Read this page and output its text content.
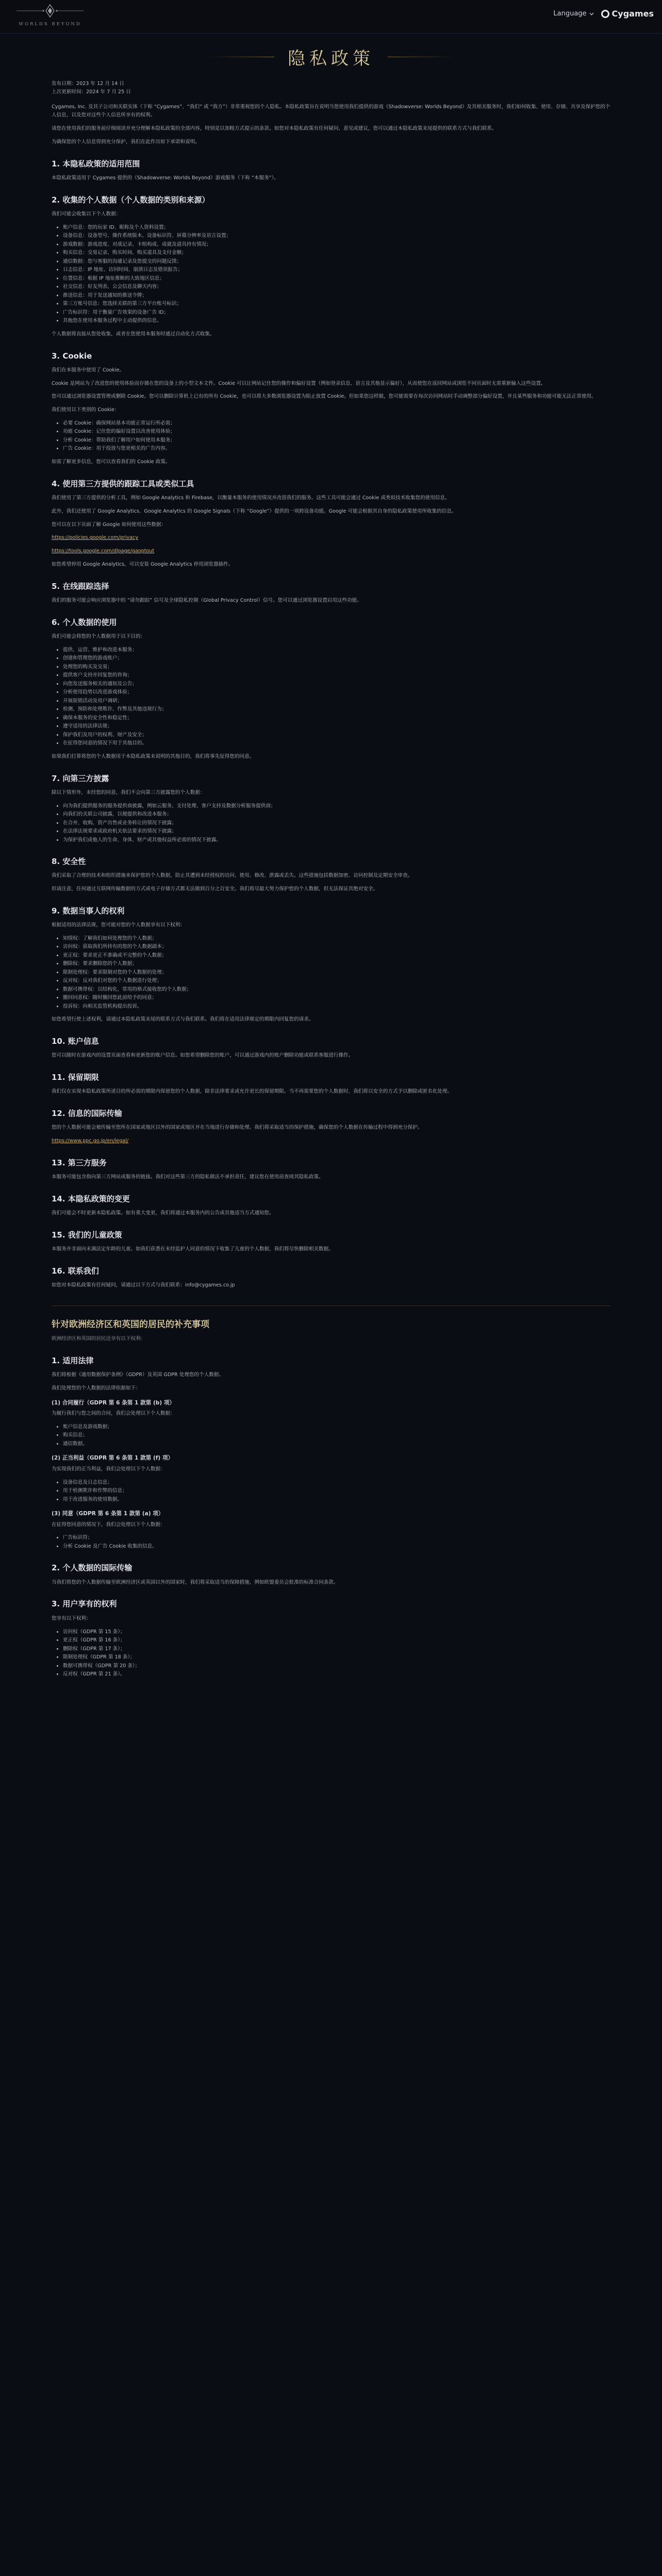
WORLDS BEYOND
Language	Cygames
隐私政策
发布日期：2023 年 12 月 14 日
上次更新时间：2024 年 7 月 25 日

Cygames, Inc. 及其子公司和关联实体（下称 “Cygames”、“我们” 或 “我方”）非常重视您的个人隐私。本隐私政策旨在说明当您使用我们提供的游戏《Shadowverse: Worlds Beyond》及其相关服务时，我们如何收集、使用、存储、共享及保护您的个人信息，以及您对这些个人信息所享有的权利。

请您在使用我们的服务前仔细阅读并充分理解本隐私政策的全部内容，特别是以加粗方式提示的条款。如您对本隐私政策有任何疑问、意见或建议，您可以通过本隐私政策末尾提供的联系方式与我们联系。

为确保您的个人信息得到充分保护，我们在此作出如下承诺和说明。

1. 本隐私政策的适用范围

本隐私政策适用于 Cygames 提供的《Shadowverse: Worlds Beyond》游戏服务（下称 “本服务”）。

2. 收集的个人数据（个人数据的类别和来源）

我们可能会收集以下个人数据：

• 账户信息：您的玩家 ID、昵称及个人资料设置；
• 设备信息：设备型号、操作系统版本、设备标识符、屏幕分辨率及语言设置；
• 游戏数据：游戏进度、对战记录、卡组构成、成就及道具持有情况；
• 购买信息：交易记录、购买时间、购买道具及支付金额；
• 通信数据：您与客服的沟通记录及您提交的问题反馈；
• 日志信息：IP 地址、访问时间、崩溃日志及错误报告；
• 位置信息：根据 IP 地址推断的大致地区信息；
• 社交信息：好友列表、公会信息及聊天内容；
• 推送信息：用于发送通知的推送令牌；
• 第三方账号信息：您选择关联的第三方平台账号标识；
• 广告标识符：用于衡量广告效果的设备广告 ID；
• 其他您在使用本服务过程中主动提供的信息。

个人数据将直接从您处收集，或者在您使用本服务时通过自动化方式收集。

3. Cookie

我们在本服务中使用了 Cookie。

Cookie 是网站为了改进您的使用体验而存储在您的设备上的小型文本文件。Cookie 可以让网站记住您的操作和偏好设置（例如登录信息、语言及其他显示偏好），从而使您在返回网站或浏览不同页面时无需重新输入这些设置。

您可以通过浏览器设置管理或删除 Cookie。您可以删除计算机上已有的所有 Cookie，也可以将大多数浏览器设置为阻止放置 Cookie。但如果您这样做，您可能需要在每次访问网站时手动调整部分偏好设置，并且某些服务和功能可能无法正常使用。

我们使用以下类别的 Cookie：

• 必要 Cookie：确保网站基本功能正常运行所必需；
• 功能 Cookie：记住您的偏好设置以改善使用体验；
• 分析 Cookie：帮助我们了解用户如何使用本服务；
• 广告 Cookie：用于投放与您更相关的广告内容。

如需了解更多信息，您可以查看我们的 Cookie 政策。

4. 使用第三方提供的跟踪工具或类似工具

我们使用了第三方提供的分析工具，例如 Google Analytics 和 Firebase，以衡量本服务的使用情况并改进我们的服务。这些工具可能会通过 Cookie 或类似技术收集您的使用信息。

此外，我们还使用了 Google Analytics、Google Analytics 的 Google Signals（下称 “Google”）提供的一项跨设备功能。Google 可能会根据其自身的隐私政策使用所收集的信息。

您可以在以下页面了解 Google 如何使用这些数据：

https://policies.google.com/privacy

https://tools.google.com/dlpage/gaoptout

如您希望停用 Google Analytics，可以安装 Google Analytics 停用浏览器插件。

5. 在线跟踪选择

我们的服务可能会响应浏览器中的 “请勿跟踪” 信号及全球隐私控制（Global Privacy Control）信号。您可以通过浏览器设置启用这些功能。

6. 个人数据的使用

我们可能会将您的个人数据用于以下目的：

• 提供、运营、维护和改进本服务；
• 创建和管理您的游戏账户；
• 处理您的购买及交易；
• 提供客户支持并回复您的咨询；
• 向您发送服务相关的通知及公告；
• 分析使用趋势以改进游戏体验；
• 开展促销活动及用户调研；
• 检测、预防和处理欺诈、作弊及其他违规行为；
• 确保本服务的安全性和稳定性；
• 遵守适用的法律法规；
• 保护我们及用户的权利、财产及安全；
• 在征得您同意的情况下用于其他目的。

如果我们打算将您的个人数据用于本隐私政策未说明的其他目的，我们将事先征得您的同意。

7. 向第三方披露

除以下情形外，未经您的同意，我们不会向第三方披露您的个人数据：

• 向为我们提供服务的服务提供商披露，例如云服务、支付处理、客户支持及数据分析服务提供商；
• 向我们的关联公司披露，以便提供和改进本服务；
• 在合并、收购、资产出售或业务转让的情况下披露；
• 在法律法规要求或政府机关依法要求的情况下披露；
• 为保护我们或他人的生命、身体、财产或其他权益所必需的情况下披露。
8. 安全性

我们采取了合理的技术和组织措施来保护您的个人数据，防止其遭到未经授权的访问、使用、修改、泄露或丢失。这些措施包括数据加密、访问控制及定期安全审查。

但请注意，任何通过互联网传输数据的方式或电子存储方式都无法做到百分之百安全。我们将尽最大努力保护您的个人数据，但无法保证其绝对安全。

9. 数据当事人的权利

根据适用的法律法规，您可能对您的个人数据享有以下权利：

• 知情权：了解我们如何处理您的个人数据；
• 访问权：获取我们所持有的您的个人数据副本；
• 更正权：要求更正不准确或不完整的个人数据；
• 删除权：要求删除您的个人数据；
• 限制处理权：要求限制对您的个人数据的处理；
• 反对权：反对我们对您的个人数据进行处理；
• 数据可携带权：以结构化、常用的格式接收您的个人数据；
• 撤回同意权：随时撤回您此前给予的同意；
• 投诉权：向相关监管机构提出投诉。

如您希望行使上述权利，请通过本隐私政策末尾的联系方式与我们联系。我们将在适用法律规定的期限内回复您的请求。

10. 账户信息

您可以随时在游戏内的设置页面查看和更新您的账户信息。如您希望删除您的账户，可以通过游戏内的账户删除功能或联系客服进行操作。

11. 保留期限

我们仅在实现本隐私政策所述目的所必需的期限内保留您的个人数据，除非法律要求或允许更长的保留期限。当不再需要您的个人数据时，我们将以安全的方式予以删除或匿名化处理。

12. 信息的国际传输

您的个人数据可能会被传输至您所在国家或地区以外的国家或地区并在当地进行存储和处理。我们将采取适当的保护措施，确保您的个人数据在传输过程中得到充分保护。

https://www.ppc.go.jp/en/legal/

13. 第三方服务

本服务可能包含指向第三方网站或服务的链接。我们对这些第三方的隐私做法不承担责任，建议您在使用前查阅其隐私政策。

14. 本隐私政策的变更

我们可能会不时更新本隐私政策。如有重大变更，我们将通过本服务内的公告或其他适当方式通知您。

15. 我们的儿童政策

本服务并非面向未满法定年龄的儿童。如我们获悉在未经监护人同意的情况下收集了儿童的个人数据，我们将尽快删除相关数据。

16. 联系我们

如您对本隐私政策有任何疑问，请通过以下方式与我们联系：info@cygames.co.jp

针对欧洲经济区和英国的居民的补充事项

欧洲经济区和英国的居民还享有以下权利：

1. 适用法律

我们将根据《通用数据保护条例》（GDPR）及英国 GDPR 处理您的个人数据。

我们处理您的个人数据的法律依据如下：

(1) 合同履行（GDPR 第 6 条第 1 款第 (b) 项）

为履行我们与您之间的合同，我们会处理以下个人数据：

• 账户信息及游戏数据；
• 购买信息；
• 通信数据。
(2) 正当利益（GDPR 第 6 条第 1 款第 (f) 项）

为实现我们的正当利益，我们会处理以下个人数据：

• 设备信息及日志信息；
• 用于检测欺诈和作弊的信息；
• 用于改进服务的使用数据。
(3) 同意（GDPR 第 6 条第 1 款第 (a) 项）

在征得您同意的情况下，我们会处理以下个人数据：

• 广告标识符；
• 分析 Cookie 及广告 Cookie 收集的信息。
2. 个人数据的国际传输

当我们将您的个人数据传输至欧洲经济区或英国以外的国家时，我们将采取适当的保障措施，例如欧盟委员会批准的标准合同条款。

3. 用户享有的权利

您享有以下权利：

• 访问权（GDPR 第 15 条）；
• 更正权（GDPR 第 16 条）；
• 删除权（GDPR 第 17 条）；
• 限制处理权（GDPR 第 18 条）；
• 数据可携带权（GDPR 第 20 条）；
• 反对权（GDPR 第 21 条）。
